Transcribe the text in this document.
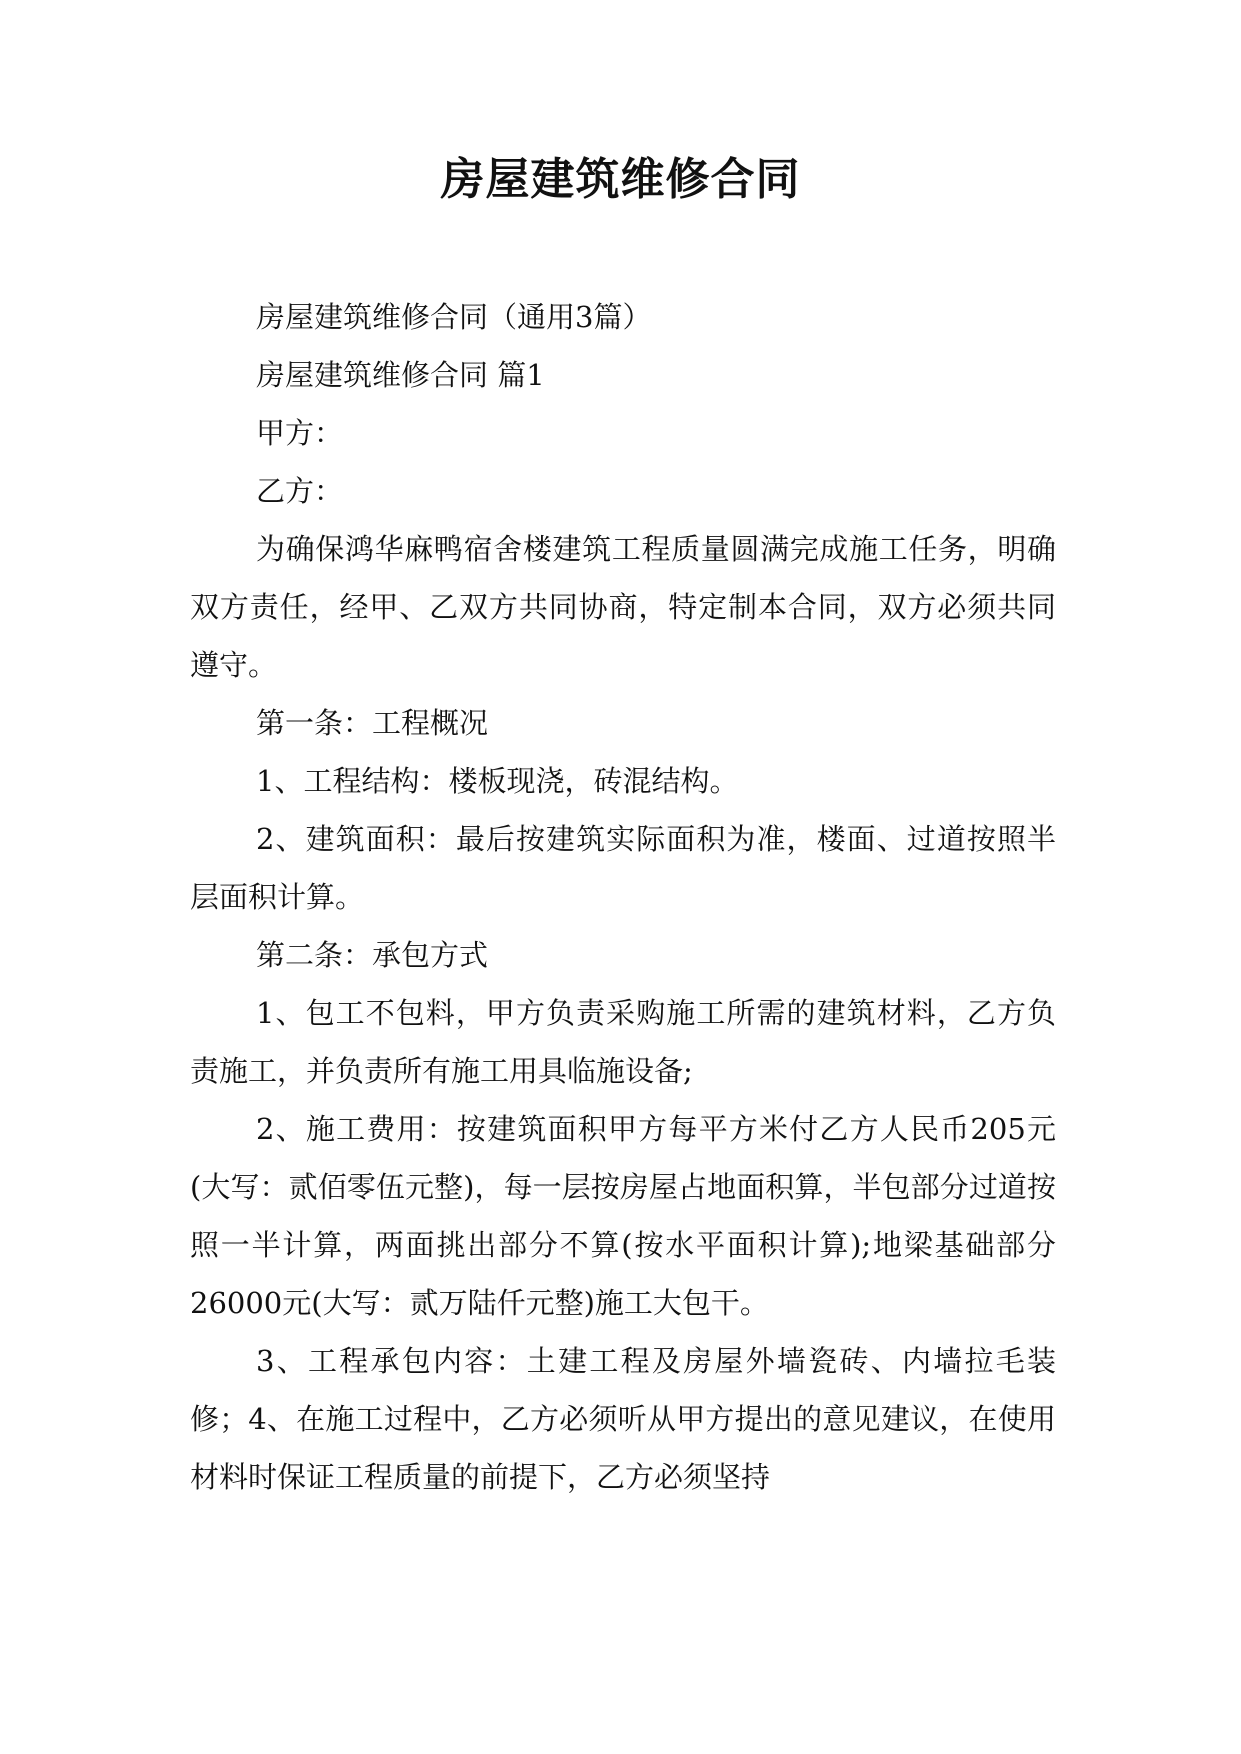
房屋建筑维修合同

房屋建筑维修合同（通用3篇）

房屋建筑维修合同 篇1

甲方：

乙方：

为确保鸿华麻鸭宿舍楼建筑工程质量圆满完成施工任务，明确双方责任，经甲、乙双方共同协商，特定制本合同，双方必须共同遵守。

第一条：工程概况

1、工程结构：楼板现浇，砖混结构。

2、建筑面积：最后按建筑实际面积为准，楼面、过道按照半层面积计算。

第二条：承包方式

1、包工不包料，甲方负责采购施工所需的建筑材料，乙方负责施工，并负责所有施工用具临施设备;

2、施工费用：按建筑面积甲方每平方米付乙方人民币205元(大写：贰佰零伍元整)，每一层按房屋占地面积算，半包部分过道按照一半计算，两面挑出部分不算(按水平面积计算);地梁基础部分26000元(大写：贰万陆仟元整)施工大包干。

3、工程承包内容：土建工程及房屋外墙瓷砖、内墙拉毛装修；4、在施工过程中，乙方必须听从甲方提出的意见建议，在使用材料时保证工程质量的前提下，乙方必须坚持
